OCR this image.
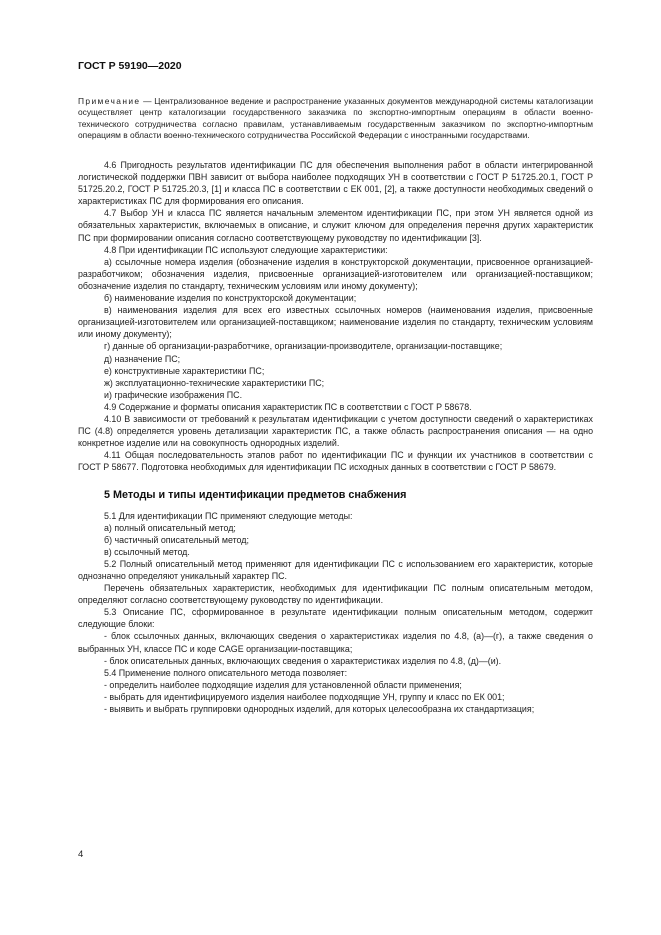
ГОСТ Р 59190—2020
Примечание — Централизованное ведение и распространение указанных документов международной системы каталогизации осуществляет центр каталогизации государственного заказчика по экспортно-импортным операциям в области военно-технического сотрудничества согласно правилам, устанавливаемым государственным заказчиком по экспортно-импортным операциям в области военно-технического сотрудничества Российской Федерации с иностранными государствами.

4.6 Пригодность результатов идентификации ПС для обеспечения выполнения работ в области интегрированной логистической поддержки ПВН зависит от выбора наиболее подходящих УН в соответствии с ГОСТ Р 51725.20.1, ГОСТ Р 51725.20.2, ГОСТ Р 51725.20.3, [1] и класса ПС в соответствии с ЕК 001, [2], а также доступности необходимых сведений о характеристиках ПС для формирования его описания.

4.7 Выбор УН и класса ПС является начальным элементом идентификации ПС, при этом УН является одной из обязательных характеристик, включаемых в описание, и служит ключом для определения перечня других характеристик ПС при формировании описания согласно соответствующему руководству по идентификации [3].

4.8 При идентификации ПС используют следующие характеристики:

а) ссылочные номера изделия (обозначение изделия в конструкторской документации, присвоенное организацией-разработчиком; обозначения изделия, присвоенные организацией-изготовителем или организацией-поставщиком; обозначение изделия по стандарту, техническим условиям или иному документу);

б) наименование изделия по конструкторской документации;

в) наименования изделия для всех его известных ссылочных номеров (наименования изделия, присвоенные организацией-изготовителем или организацией-поставщиком; наименование изделия по стандарту, техническим условиям или иному документу);

г) данные об организации-разработчике, организации-производителе, организации-поставщике;

д) назначение ПС;

е) конструктивные характеристики ПС;

ж) эксплуатационно-технические характеристики ПС;

и) графические изображения ПС.

4.9 Содержание и форматы описания характеристик ПС в соответствии с ГОСТ Р 58678.

4.10 В зависимости от требований к результатам идентификации с учетом доступности сведений о характеристиках ПС (4.8) определяется уровень детализации характеристик ПС, а также область распространения описания — на одно конкретное изделие или на совокупность однородных изделий.

4.11 Общая последовательность этапов работ по идентификации ПС и функции их участников в соответствии с ГОСТ Р 58677. Подготовка необходимых для идентификации ПС исходных данных в соответствии с ГОСТ Р 58679.

5 Методы и типы идентификации предметов снабжения

5.1 Для идентификации ПС применяют следующие методы:

а) полный описательный метод;

б) частичный описательный метод;

в) ссылочный метод.

5.2 Полный описательный метод применяют для идентификации ПС с использованием его характеристик, которые однозначно определяют уникальный характер ПС.

Перечень обязательных характеристик, необходимых для идентификации ПС полным описательным методом, определяют согласно соответствующему руководству по идентификации.

5.3 Описание ПС, сформированное в результате идентификации полным описательным методом, содержит следующие блоки:

- блок ссылочных данных, включающих сведения о характеристиках изделия по 4.8, (а)—(г), а также сведения о выбранных УН, классе ПС и коде CAGE организации-поставщика;

- блок описательных данных, включающих сведения о характеристиках изделия по 4.8, (д)—(и).

5.4 Применение полного описательного метода позволяет:

- определить наиболее подходящие изделия для установленной области применения;

- выбрать для идентифицируемого изделия наиболее подходящие УН, группу и класс по ЕК 001;

- выявить и выбрать группировки однородных изделий, для которых целесообразна их стандартизация;

4
